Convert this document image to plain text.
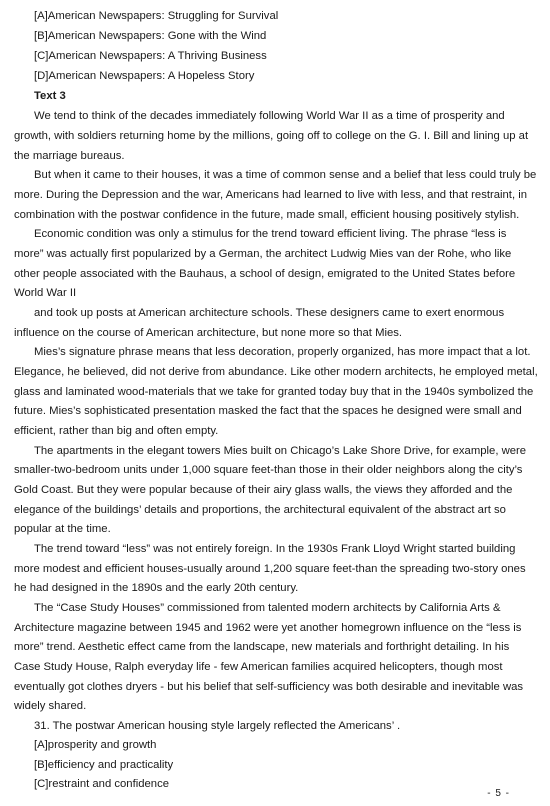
[A]American Newspapers: Struggling for Survival
[B]American Newspapers: Gone with the Wind
[C]American Newspapers: A Thriving Business
[D]American Newspapers: A Hopeless Story
Text 3
We tend to think of the decades immediately following World War II as a time of prosperity and
growth, with soldiers returning home by the millions, going off to college on the G. I. Bill and lining up at
the marriage bureaus.
But when it came to their houses, it was a time of common sense and a belief that less could truly be
more. During the Depression and the war, Americans had learned to live with less, and that restraint, in
combination with the postwar confidence in the future, made small, efficient housing positively stylish.
Economic condition was only a stimulus for the trend toward efficient living. The phrase “less is
more” was actually first popularized by a German, the architect Ludwig Mies van der Rohe, who like
other people associated with the Bauhaus, a school of design, emigrated to the United States before
World War II
and took up posts at American architecture schools. These designers came to exert enormous
influence on the course of American architecture, but none more so that Mies.
Mies’s signature phrase means that less decoration, properly organized, has more impact that a lot.
Elegance, he believed, did not derive from abundance. Like other modern architects, he employed metal,
glass and laminated wood-materials that we take for granted today buy that in the 1940s symbolized the
future. Mies’s sophisticated presentation masked the fact that the spaces he designed were small and
efficient, rather than big and often empty.
The apartments in the elegant towers Mies built on Chicago’s Lake Shore Drive, for example, were
smaller-two-bedroom units under 1,000 square feet-than those in their older neighbors along the city’s
Gold Coast. But they were popular because of their airy glass walls, the views they afforded and the
elegance of the buildings’ details and proportions, the architectural equivalent of the abstract art so
popular at the time.
The trend toward “less” was not entirely foreign. In the 1930s Frank Lloyd Wright started building
more modest and efficient houses-usually around 1,200 square feet-than the spreading two-story ones
he had designed in the 1890s and the early 20th century.
The “Case Study Houses” commissioned from talented modern architects by California Arts &
Architecture magazine between 1945 and 1962 were yet another homegrown influence on the “less is
more” trend. Aesthetic effect came from the landscape, new materials and forthright detailing. In his
Case Study House, Ralph everyday life - few American families acquired helicopters, though most
eventually got clothes dryers - but his belief that self-sufficiency was both desirable and inevitable was
widely shared.
31. The postwar American housing style largely reflected the Americans’ .
[A]prosperity and growth
[B]efficiency and practicality
[C]restraint and confidence
- 5 -
